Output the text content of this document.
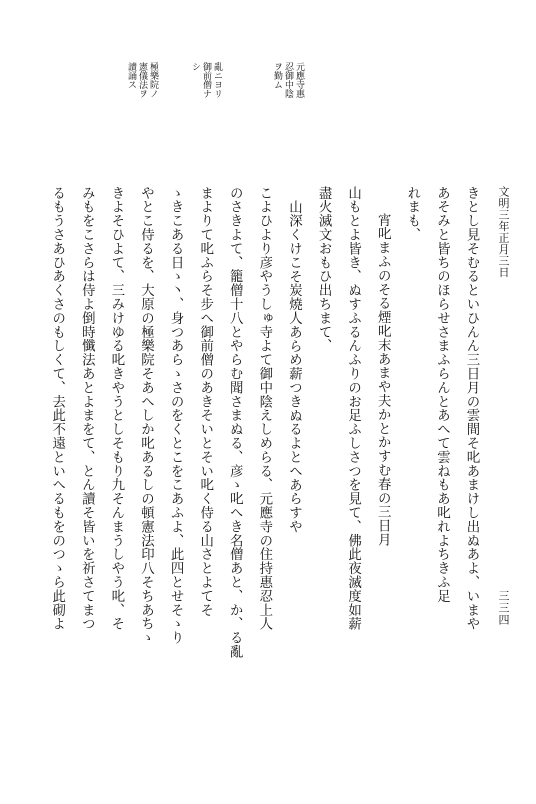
文明三年正月三日
三三四
元應寺惠
忍御中陰
ヲ勤ム
亂ニヨリ
御前僧ナ
シ
極樂院ノ
憲儀法ヲ
讀誦ス
きとし見そむるといひんん三日月の雲間そ叱あまけし出ぬあよ、いまや
あそみと皆ちのほらせさまふらんとあへて雲ねもあ叱れよちきふ足
れまも、
宵叱まふのそる煙叱末あまや夫かとかすむ春の三日月
山もとよ皆き、ぬすふるんふりのお足ふしさつを見て、佛此夜滅度如薪
盡火滅文おもひ出ちまて、
山深くけこそ炭燒人あらめ薪つきぬるよとへあらすや
こよひより彦やうしゅ寺よて御中陰えしめらる、元應寺の住持惠忍上人
のさきよて、籠僧十八とやらむ聞さまぬる、彦ゝ叱へき名僧あと、か、る亂
まよりて叱ふらそ步へ御前僧のあきそいとそい叱く侍る山さとよてそ
ゝきこある日ゝ丶、身つあらゝさのをくとこをこあふよ、此四とせそゝり
やとこ侍るを、大原の極樂院そあへしか叱あるしの頓憲法印八そちあちゝ
きよそひよて、三みけゆる叱きやうとしそもり九そんまうしやう叱、そ
みもをこさらは侍よ倒時懺法あとよまをて、とん讀そ皆いを祈さてまつ
るもうさあひあくさのもしくて、去此不遠といへるもをのつゝら此砌よ
